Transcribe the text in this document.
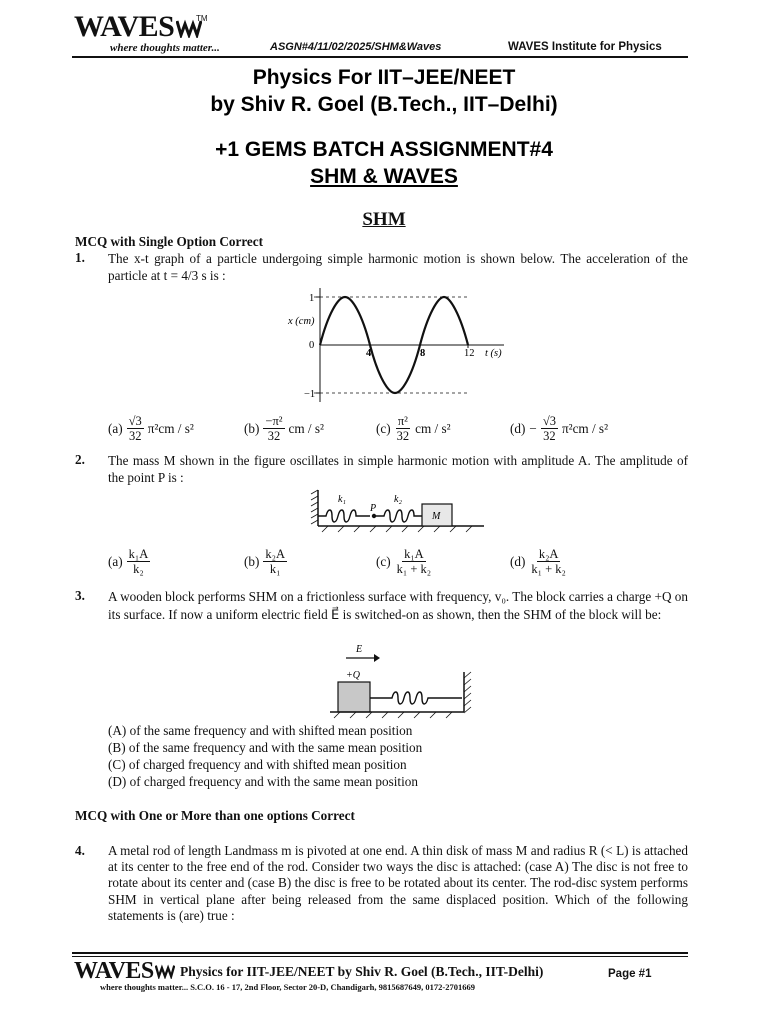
WAVES	TM
where thoughts matter...	ASGN#4/11/02/2025/SHM&Waves	WAVES Institute for Physics
Physics For IIT–JEE/NEET
by Shiv R. Goel (B.Tech., IIT–Delhi)
+1 GEMS BATCH ASSIGNMENT#4
SHM & WAVES
SHM
MCQ with Single Option Correct
1. The x-t graph of a particle undergoing simple harmonic motion is shown below. The acceleration of the particle at t = 4/3 s is :
x (cm)
1
0
−1
4	8	12 t (s)
$(a) \frac{√3}{32} \pi^2cm / s^2$	$(b) \frac{\text{−π²}}{32}$ cm / s²	$(c) \frac{\text{π²}}{32}$ cm / s²	$(d) - \frac{√3}{32} \pi^2cm / s^2$
2. The mass M shown in the figure oscillates in simple harmonic motion with amplitude A. The amplitude of the point P is :
k₁
P
k₂
M
$(a) \frac{\text{k₁A}}{\text{k₂}}$	$(b) \frac{\text{k₂A}}{\text{k₁}}$	$(c) \frac{\text{k₁A}}{\text{k₁ + k₂}}$	$(d) \frac{\text{k₂A}}{\text{k₁ + k₂}}$
3. A wooden block performs SHM on a frictionless surface with frequency, v₀. The block carries a charge +Q on its surface. If now a uniform electric field E⃗ is switched-on as shown, then the SHM of the block will be:
E⃗
+Q
(A) of the same frequency and with shifted mean position
(B) of the same frequency and with the same mean position
(C) of charged frequency and with shifted mean position
(D) of charged frequency and with the same mean position
MCQ with One or More than one options Correct
4. A metal rod of length Landmass m is pivoted at one end. A thin disk of mass M and radius R (< L) is attached at its center to the free end of the rod. Consider two ways the disc is attached: (case A) The disc is not free to rotate about its center and (case B) the disc is free to be rotated about its center. The rod-disc system performs SHM in vertical plane after being released from the same displaced position. Which of the following statements is (are) true :
WAVES	Physics for IIT-JEE/NEET by Shiv R. Goel (B.Tech., IIT-Delhi)
where thoughts matter... S.C.O. 16 - 17, 2nd Floor, Sector 20-D, Chandigarh, 9815687649, 0172-2701669
Page #1
